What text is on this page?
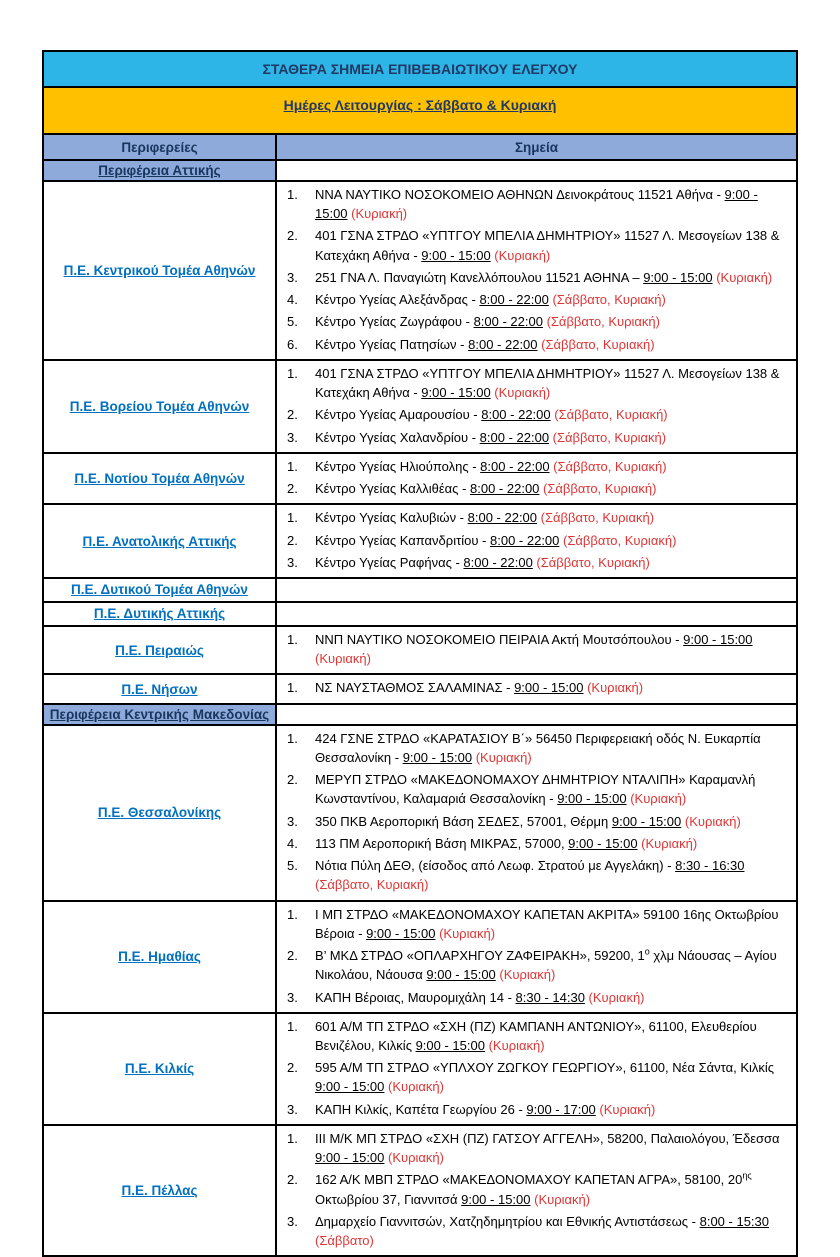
ΣΤΑΘΕΡΑ ΣΗΜΕΙΑ ΕΠΙΒΕΒΑΙΩΤΙΚΟΥ ΕΛΕΓΧΟΥ	
Ημέρες Λειτουργίας : Σάββατο & Κυριακή	
Περιφερείες	Σημεία
Περιφέρεια Αττικής	
Π.Ε. Κεντρικού Τομέα Αθηνών	
1.	ΝΝΑ ΝΑΥΤΙΚΟ ΝΟΣΟΚΟΜΕΙΟ ΑΘΗΝΩΝ Δεινοκράτους 11521 Αθήνα - 9:00 - 15:00 (Κυριακή)
2.	401 ΓΣΝΑ ΣΤΡΔΟ «ΥΠΤΓΟΥ ΜΠΕΛΙΑ ΔΗΜΗΤΡΙΟΥ» 11527 Λ. Μεσογείων 138 & Κατεχάκη Αθήνα - 9:00 - 15:00 (Κυριακή)
3.	251 ΓΝΑ Λ. Παναγιώτη Κανελλόπουλου 11521 ΑΘΗΝΑ – 9:00 - 15:00 (Κυριακή)
4.	Κέντρο Υγείας Αλεξάνδρας - 8:00 - 22:00 (Σάββατο, Κυριακή)
5.	Κέντρο Υγείας Ζωγράφου - 8:00 - 22:00 (Σάββατο, Κυριακή)
6.	Κέντρο Υγείας Πατησίων - 8:00 - 22:00 (Σάββατο, Κυριακή)

Π.Ε. Βορείου Τομέα Αθηνών	
1.	401 ΓΣΝΑ ΣΤΡΔΟ «ΥΠΤΓΟΥ ΜΠΕΛΙΑ ΔΗΜΗΤΡΙΟΥ» 11527 Λ. Μεσογείων 138 & Κατεχάκη Αθήνα - 9:00 - 15:00 (Κυριακή)
2.	Κέντρο Υγείας Αμαρουσίου - 8:00 - 22:00 (Σάββατο, Κυριακή)
3.	Κέντρο Υγείας Χαλανδρίου - 8:00 - 22:00 (Σάββατο, Κυριακή)

Π.Ε. Νοτίου Τομέα Αθηνών	1. Κέντρο Υγείας Ηλιούπολης - 8:00 - 22:00 (Σάββατο, Κυριακή)
2. Κέντρο Υγείας Καλλιθέας - 8:00 - 22:00 (Σάββατο, Κυριακή)

Π.Ε. Ανατολικής Αττικής	
1.	Κέντρο Υγείας Καλυβιών - 8:00 - 22:00 (Σάββατο, Κυριακή)
2.	Κέντρο Υγείας Καπανδριτίου - 8:00 - 22:00 (Σάββατο, Κυριακή)
3.	Κέντρο Υγείας Ραφήνας - 8:00 - 22:00 (Σάββατο, Κυριακή)

Π.Ε. Δυτικού Τομέα Αθηνών	
Π.Ε. Δυτικής Αττικής	
Π.Ε. Πειραιώς	1. ΝΝΠ ΝΑΥΤΙΚΟ ΝΟΣΟΚΟΜΕΙΟ ΠΕΙΡΑΙΑ Ακτή Μουτσόπουλου - 9:00 - 15:00 (Κυριακή)

Π.Ε. Νήσων	1. ΝΣ ΝΑΥΣΤΑΘΜΟΣ ΣΑΛΑΜΙΝΑΣ - 9:00 - 15:00 (Κυριακή)

Περιφέρεια Κεντρικής Μακεδονίας	
Π.Ε. Θεσσαλονίκης	
1.	424 ΓΣΝΕ ΣΤΡΔΟ «ΚΑΡΑΤΑΣΙΟΥ Β΄» 56450 Περιφερειακή οδός Ν. Ευκαρπία Θεσσαλονίκη - 9:00 - 15:00 (Κυριακή)
2.	ΜΕΡΥΠ ΣΤΡΔΟ «ΜΑΚΕΔΟΝΟΜΑΧΟΥ ΔΗΜΗΤΡΙΟΥ ΝΤΑΛΙΠΗ» Καραμανλή Κωνσταντίνου, Καλαμαριά Θεσσαλονίκη - 9:00 - 15:00 (Κυριακή)
3.	350 ΠΚΒ Αεροπορική Βάση ΣΕΔΕΣ, 57001, Θέρμη 9:00 - 15:00 (Κυριακή)
4.	113 ΠΜ Αεροπορική Βάση ΜΙΚΡΑΣ, 57000, 9:00 - 15:00 (Κυριακή)
5.	Νότια Πύλη ΔΕΘ, (είσοδος από Λεωφ. Στρατού με Αγγελάκη) - 8:30 - 16:30 (Σάββατο, Κυριακή)

Π.Ε. Ημαθίας	
1.	Ι ΜΠ ΣΤΡΔΟ «ΜΑΚΕΔΟΝΟΜΑΧΟΥ ΚΑΠΕΤΑΝ ΑΚΡΙΤΑ» 59100 16ης Οκτωβρίου Βέροια - 9:00 - 15:00 (Κυριακή)
2.	Β’ ΜΚΔ ΣΤΡΔΟ «ΟΠΛΑΡΧΗΓΟΥ ΖΑΦΕΙΡΑΚΗ», 59200, $1^o$ χλμ Νάουσας – Αγίου Νικολάου, Νάουσα 9:00 - 15:00 (Κυριακή)
3.	ΚΑΠΗ Βέροιας, Μαυρομιχάλη 14 - 8:30 - 14:30 (Κυριακή)

Π.Ε. Κιλκίς	
1.	601 Α/Μ ΤΠ ΣΤΡΔΟ «ΣΧΗ (ΠΖ) ΚΑΜΠΑΝΗ ΑΝΤΩΝΙΟΥ», 61100, Ελευθερίου Βενιζέλου, Κιλκίς 9:00 - 15:00 (Κυριακή)
2.	595 Α/Μ ΤΠ ΣΤΡΔΟ «ΥΠΛΧΟΥ ΖΩΓΚΟΥ ΓΕΩΡΓΙΟΥ», 61100, Νέα Σάντα, Κιλκίς 9:00 - 15:00 (Κυριακή)
3.	ΚΑΠΗ Κιλκίς, Καπέτα Γεωργίου 26 - 9:00 - 17:00 (Κυριακή)

Π.Ε. Πέλλας	
1.	ΙΙΙ Μ/Κ ΜΠ ΣΤΡΔΟ «ΣΧΗ (ΠΖ) ΓΑΤΣΟΥ ΑΓΓΕΛΗ», 58200, Παλαιολόγου, Έδεσσα 9:00 - 15:00 (Κυριακή)
2.	162 Α/Κ ΜΒΠ ΣΤΡΔΟ «ΜΑΚΕΔΟΝΟΜΑΧΟΥ ΚΑΠΕΤΑΝ ΑΓΡΑ», 58100, $20^{\eta\varsigma}$ Οκτωβρίου 37, Γιαννιτσά 9:00 - 15:00 (Κυριακή)
3.	Δημαρχείο Γιαννιτσών, Χατζηδημητρίου και Εθνικής Αντιστάσεως - 8:00 - 15:30 (Σάββατο)
